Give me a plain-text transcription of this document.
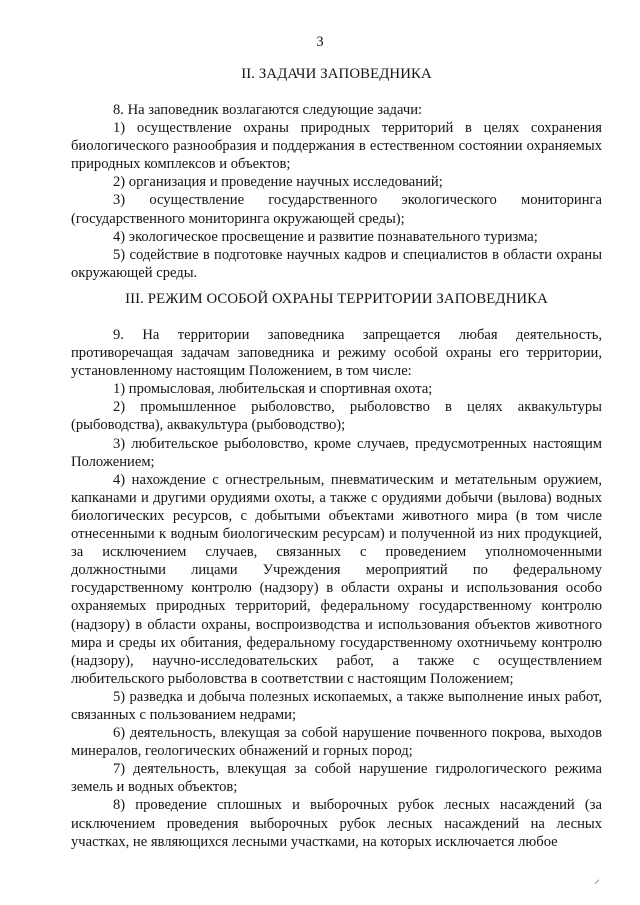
3
II. ЗАДАЧИ ЗАПОВЕДНИКА

8. На заповедник возлагаются следующие задачи:

1) осуществление охраны природных территорий в целях сохранения биологического разнообразия и поддержания в естественном состоянии охраняемых природных комплексов и объектов;

2) организация и проведение научных исследований;

3) осуществление государственного экологического мониторинга (государственного мониторинга окружающей среды);

4) экологическое просвещение и развитие познавательного туризма;

5) содействие в подготовке научных кадров и специалистов в области охраны окружающей среды.

III. РЕЖИМ ОСОБОЙ ОХРАНЫ ТЕРРИТОРИИ ЗАПОВЕДНИКА

9. На территории заповедника запрещается любая деятельность, противоречащая задачам заповедника и режиму особой охраны его территории, установленному настоящим Положением, в том числе:

1) промысловая, любительская и спортивная охота;

2) промышленное рыболовство, рыболовство в целях аквакультуры (рыбоводства), аквакультура (рыбоводство);

3) любительское рыболовство, кроме случаев, предусмотренных настоящим Положением;

4) нахождение с огнестрельным, пневматическим и метательным оружием, капканами и другими орудиями охоты, а также с орудиями добычи (вылова) водных биологических ресурсов, с добытыми объектами животного мира (в том числе отнесенными к водным биологическим ресурсам) и полученной из них продукцией, за исключением случаев, связанных с проведением уполномоченными должностными лицами Учреждения мероприятий по федеральному государственному контролю (надзору) в области охраны и использования особо охраняемых природных территорий, федеральному государственному контролю (надзору) в области охраны, воспроизводства и использования объектов животного мира и среды их обитания, федеральному государственному охотничьему контролю (надзору), научно-исследовательских работ, а также с осуществлением любительского рыболовства в соответствии с настоящим Положением;

5) разведка и добыча полезных ископаемых, а также выполнение иных работ, связанных с пользованием недрами;

6) деятельность, влекущая за собой нарушение почвенного покрова, выходов минералов, геологических обнажений и горных пород;

7) деятельность, влекущая за собой нарушение гидрологического режима земель и водных объектов;

8) проведение сплошных и выборочных рубок лесных насаждений (за исключением проведения выборочных рубок лесных насаждений на лесных участках, не являющихся лесными участками, на которых исключается любое

⸝
